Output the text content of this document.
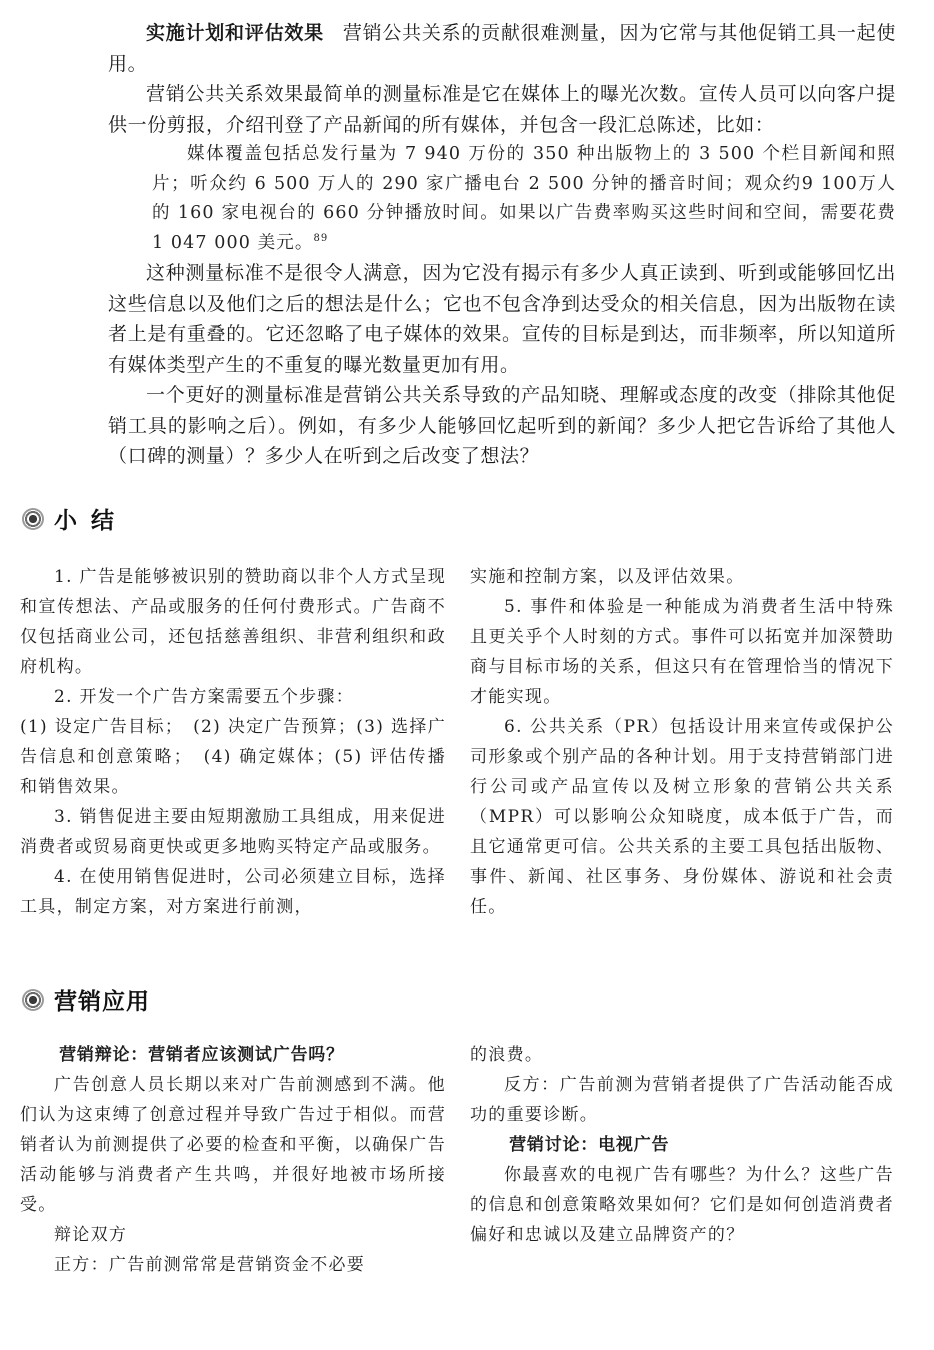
实施计划和评估效果 营销公共关系的贡献很难测量，因为它常与其他促销工具一起使用。

营销公共关系效果最简单的测量标准是它在媒体上的曝光次数。宣传人员可以向客户提供一份剪报，介绍刊登了产品新闻的所有媒体，并包含一段汇总陈述，比如：

媒体覆盖包括总发行量为 7 940 万份的 350 种出版物上的 3 500 个栏目新闻和照片；听众约 6 500 万人的 290 家广播电台 2 500 分钟的播音时间；观众约9 100万人的 160 家电视台的 660 分钟播放时间。如果以广告费率购买这些时间和空间，需要花费 1 047 000 美元。$^{89}$

这种测量标准不是很令人满意，因为它没有揭示有多少人真正读到、听到或能够回忆出这些信息以及他们之后的想法是什么；它也不包含净到达受众的相关信息，因为出版物在读者上是有重叠的。它还忽略了电子媒体的效果。宣传的目标是到达，而非频率，所以知道所有媒体类型产生的不重复的曝光数量更加有用。

一个更好的测量标准是营销公共关系导致的产品知晓、理解或态度的改变（排除其他促销工具的影响之后）。例如，有多少人能够回忆起听到的新闻？多少人把它告诉给了其他人（口碑的测量）？多少人在听到之后改变了想法？

小结

1. 广告是能够被识别的赞助商以非个人方式呈现和宣传想法、产品或服务的任何付费形式。广告商不仅包括商业公司，还包括慈善组织、非营利组织和政府机构。

2. 开发一个广告方案需要五个步骤：

(1) 设定广告目标；　(2) 决定广告预算；(3) 选择广告信息和创意策略；　(4) 确定媒体；(5) 评估传播和销售效果。

3. 销售促进主要由短期激励工具组成，用来促进消费者或贸易商更快或更多地购买特定产品或服务。

4. 在使用销售促进时，公司必须建立目标，选择工具，制定方案，对方案进行前测，

实施和控制方案，以及评估效果。

5. 事件和体验是一种能成为消费者生活中特殊且更关乎个人时刻的方式。事件可以拓宽并加深赞助商与目标市场的关系，但这只有在管理恰当的情况下才能实现。

6. 公共关系（PR）包括设计用来宣传或保护公司形象或个别产品的各种计划。用于支持营销部门进行公司或产品宣传以及树立形象的营销公共关系（MPR）可以影响公众知晓度，成本低于广告，而且它通常更可信。公共关系的主要工具包括出版物、事件、新闻、社区事务、身份媒体、游说和社会责任。

营销应用

营销辩论：营销者应该测试广告吗？

广告创意人员长期以来对广告前测感到不满。他们认为这束缚了创意过程并导致广告过于相似。而营销者认为前测提供了必要的检查和平衡，以确保广告活动能够与消费者产生共鸣，并很好地被市场所接受。

辩论双方

正方：广告前测常常是营销资金不必要

的浪费。

反方：广告前测为营销者提供了广告活动能否成功的重要诊断。

营销讨论：电视广告

你最喜欢的电视广告有哪些？为什么？这些广告的信息和创意策略效果如何？它们是如何创造消费者偏好和忠诚以及建立品牌资产的？
